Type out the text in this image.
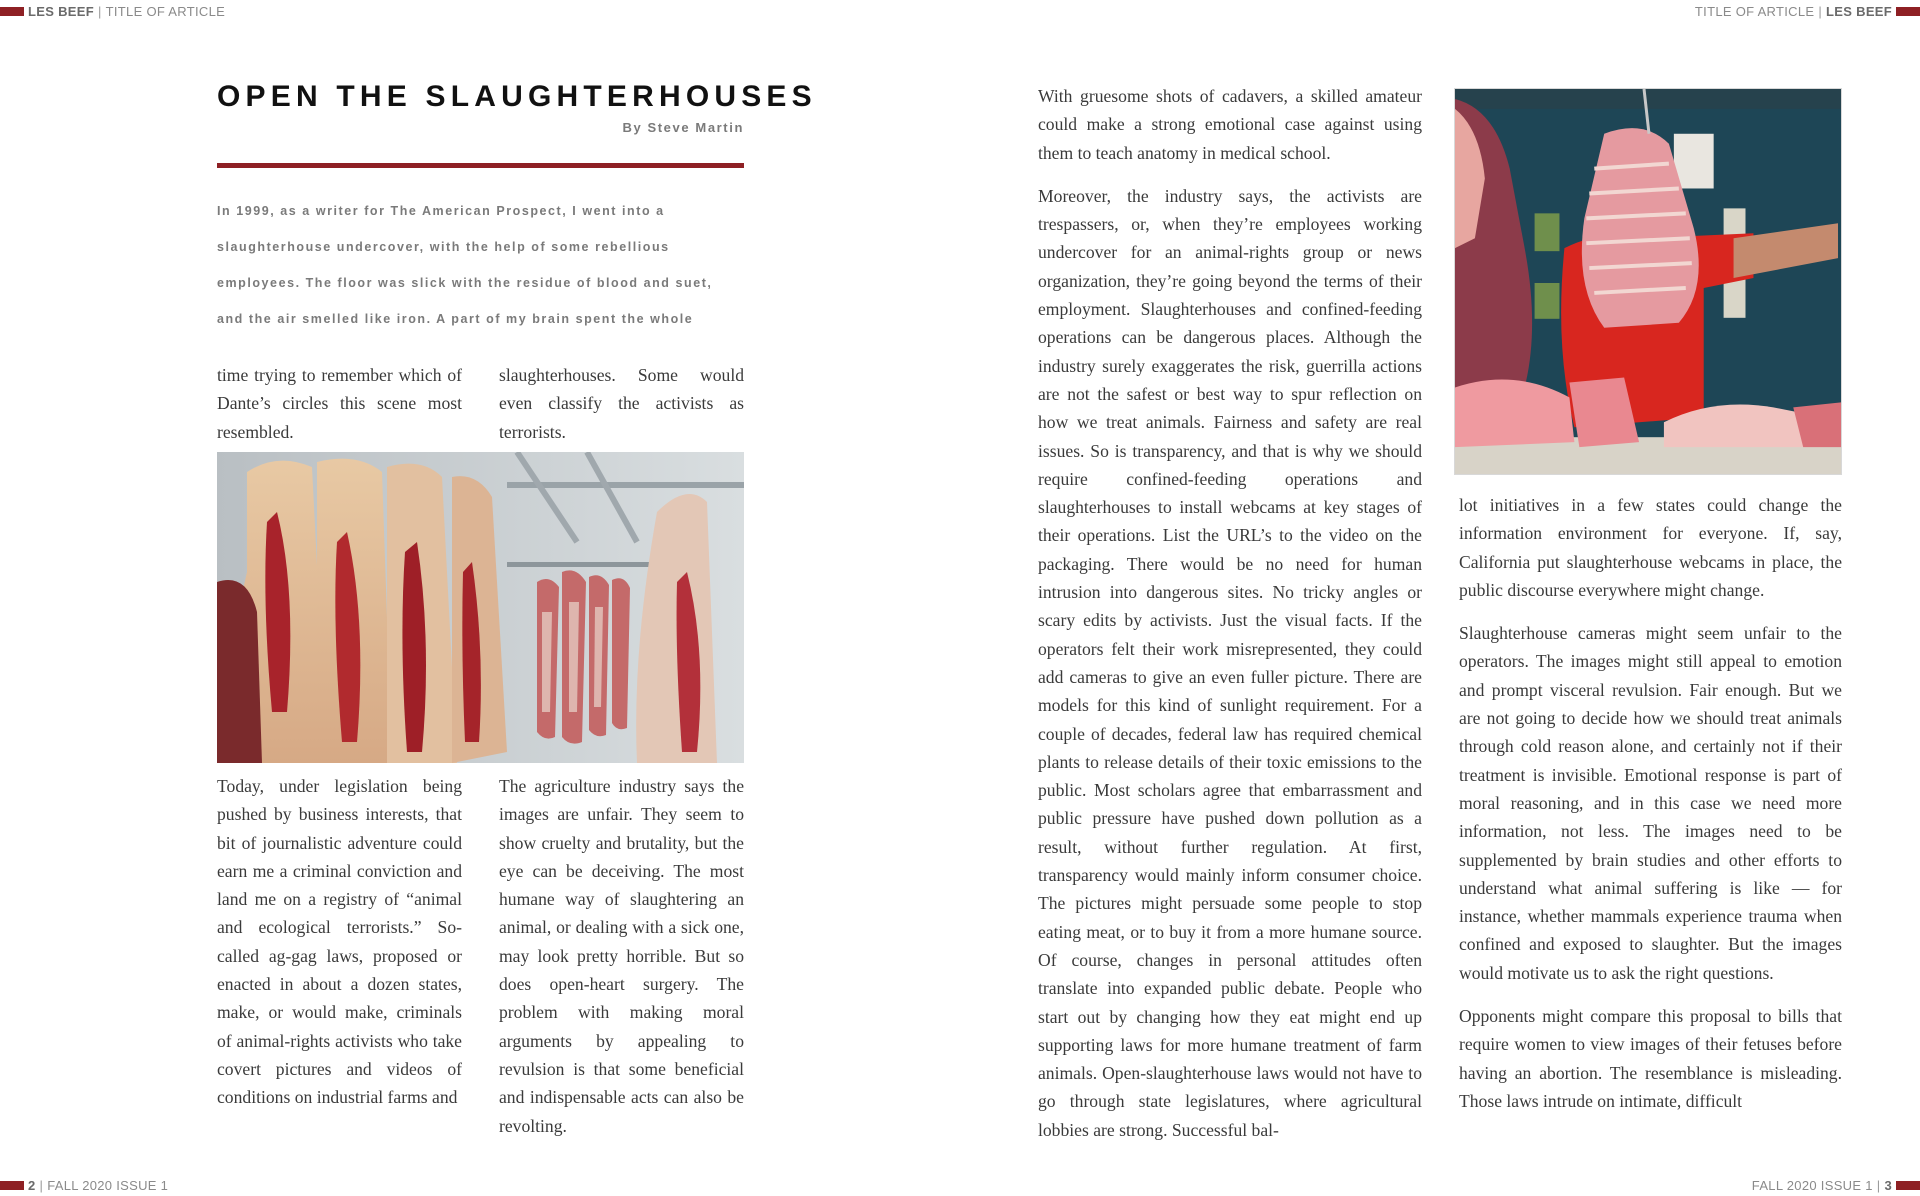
LES BEEF | TITLE OF ARTICLE	TITLE OF ARTICLE | LES BEEF
OPEN THE SLAUGHTERHOUSES
By Steve Martin
In 1999, as a writer for The American Prospect, I went into a slaughterhouse undercover, with the help of some rebellious employees. The floor was slick with the residue of blood and suet, and the air smelled like iron. A part of my brain spent the whole

time trying to remember which of Dante’s circles this scene most resembled.

slaughterhouses. Some would even classify the activists as terrorists.

Today, under legislation being pushed by business interests, that bit of journalistic adventure could earn me a criminal conviction and land me on a registry of “animal and ecological terrorists.” So-called ag-gag laws, proposed or enacted in about a dozen states, make, or would make, criminals of animal-rights activists who take covert pictures and videos of conditions on industrial farms and

The agriculture industry says the images are unfair. They seem to show cruelty and brutality, but the eye can be deceiving. The most humane way of slaughtering an animal, or dealing with a sick one, may look pretty horrible. But so does open-heart surgery. The problem with making moral arguments by appealing to revulsion is that some beneficial and indispensable acts can also be revolting.

With gruesome shots of cadavers, a skilled amateur could make a strong emotional case against using them to teach anatomy in medical school.

Moreover, the industry says, the activists are trespassers, or, when they’re employees working undercover for an animal-rights group or news organization, they’re going beyond the terms of their employment. Slaughterhouses and confined-feeding operations can be dangerous places. Although the industry surely exaggerates the risk, guerrilla actions are not the safest or best way to spur reflection on how we treat animals. Fairness and safety are real issues. So is transparency, and that is why we should require confined-feeding operations and slaughterhouses to install webcams at key stages of their operations. List the URL’s to the video on the packaging. There would be no need for human intrusion into dangerous sites. No tricky angles or scary edits by activists. Just the visual facts. If the operators felt their work misrepresented, they could add cameras to give an even fuller picture. There are models for this kind of sunlight requirement. For a couple of decades, federal law has required chemical plants to release details of their toxic emissions to the public. Most scholars agree that embarrassment and public pressure have pushed down pollution as a result, without further regulation. At first, transparency would mainly inform consumer choice. The pictures might persuade some people to stop eating meat, or to buy it from a more humane source. Of course, changes in personal attitudes often translate into expanded public debate. People who start out by changing how they eat might end up supporting laws for more humane treatment of farm animals. Open-slaughterhouse laws would not have to go through state legislatures, where agricultural lobbies are strong. Successful bal-

lot initiatives in a few states could change the information environment for everyone. If, say, California put slaughterhouse webcams in place, the public discourse everywhere might change.

Slaughterhouse cameras might seem unfair to the operators. The images might still appeal to emotion and prompt visceral revulsion. Fair enough. But we are not going to decide how we should treat animals through cold reason alone, and certainly not if their treatment is invisible. Emotional response is part of moral reasoning, and in this case we need more information, not less. The images need to be supplemented by brain studies and other efforts to understand what animal suffering is like — for instance, whether mammals experience trauma when confined and exposed to slaughter. But the images would motivate us to ask the right questions.

Opponents might compare this proposal to bills that require women to view images of their fetuses before having an abortion. The resemblance is misleading. Those laws intrude on intimate, difficult

2 | FALL 2020 ISSUE 1	FALL 2020 ISSUE 1 | 3
